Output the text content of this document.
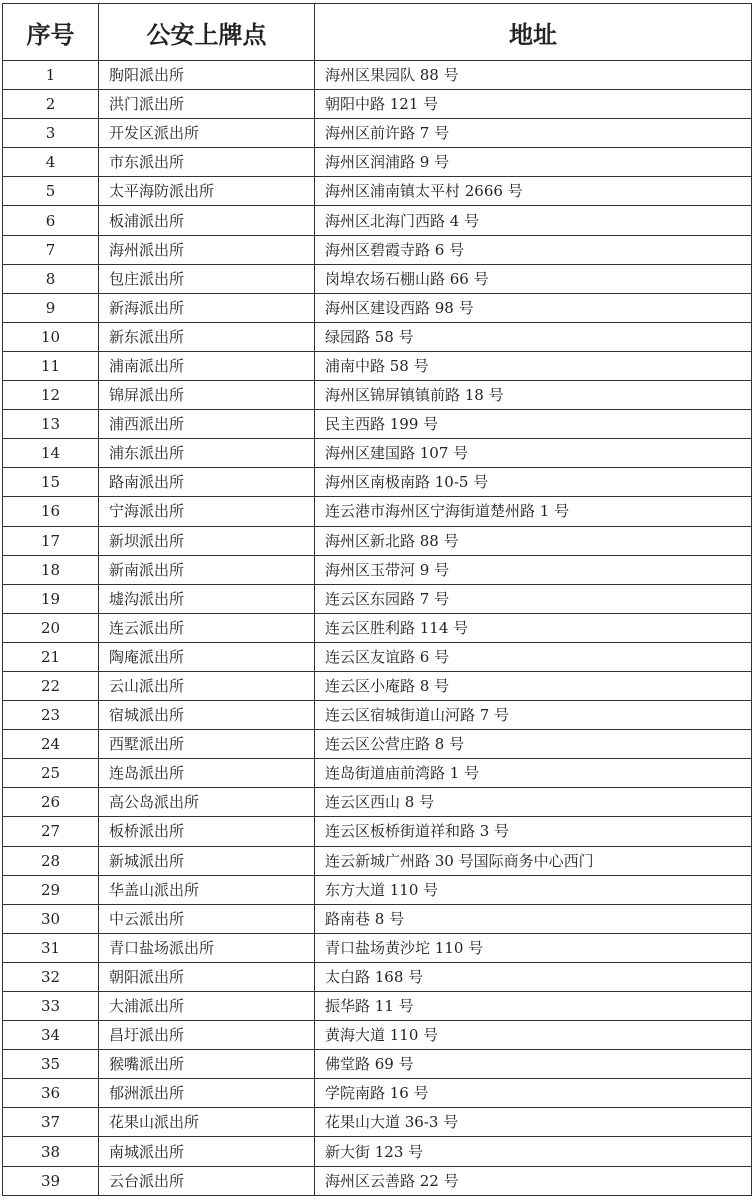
序号	公安上牌点	地址
1	朐阳派出所	海州区果园队 88 号
2	洪门派出所	朝阳中路 121 号
3	开发区派出所	海州区前许路 7 号
4	市东派出所	海州区润浦路 9 号
5	太平海防派出所	海州区浦南镇太平村 2666 号
6	板浦派出所	海州区北海门西路 4 号
7	海州派出所	海州区碧霞寺路 6 号
8	包庄派出所	岗埠农场石棚山路 66 号
9	新海派出所	海州区建设西路 98 号
10	新东派出所	绿园路 58 号
11	浦南派出所	浦南中路 58 号
12	锦屏派出所	海州区锦屏镇镇前路 18 号
13	浦西派出所	民主西路 199 号
14	浦东派出所	海州区建国路 107 号
15	路南派出所	海州区南极南路 10-5 号
16	宁海派出所	连云港市海州区宁海街道楚州路 1 号
17	新坝派出所	海州区新北路 88 号
18	新南派出所	海州区玉带河 9 号
19	墟沟派出所	连云区东园路 7 号
20	连云派出所	连云区胜利路 114 号
21	陶庵派出所	连云区友谊路 6 号
22	云山派出所	连云区小庵路 8 号
23	宿城派出所	连云区宿城街道山河路 7 号
24	西墅派出所	连云区公营庄路 8 号
25	连岛派出所	连岛街道庙前湾路 1 号
26	高公岛派出所	连云区西山 8 号
27	板桥派出所	连云区板桥街道祥和路 3 号
28	新城派出所	连云新城广州路 30 号国际商务中心西门
29	华盖山派出所	东方大道 110 号
30	中云派出所	路南巷 8 号
31	青口盐场派出所	青口盐场黄沙坨 110 号
32	朝阳派出所	太白路 168 号
33	大浦派出所	振华路 11 号
34	昌圩派出所	黄海大道 110 号
35	猴嘴派出所	佛堂路 69 号
36	郁洲派出所	学院南路 16 号
37	花果山派出所	花果山大道 36-3 号
38	南城派出所	新大街 123 号
39	云台派出所	海州区云善路 22 号
